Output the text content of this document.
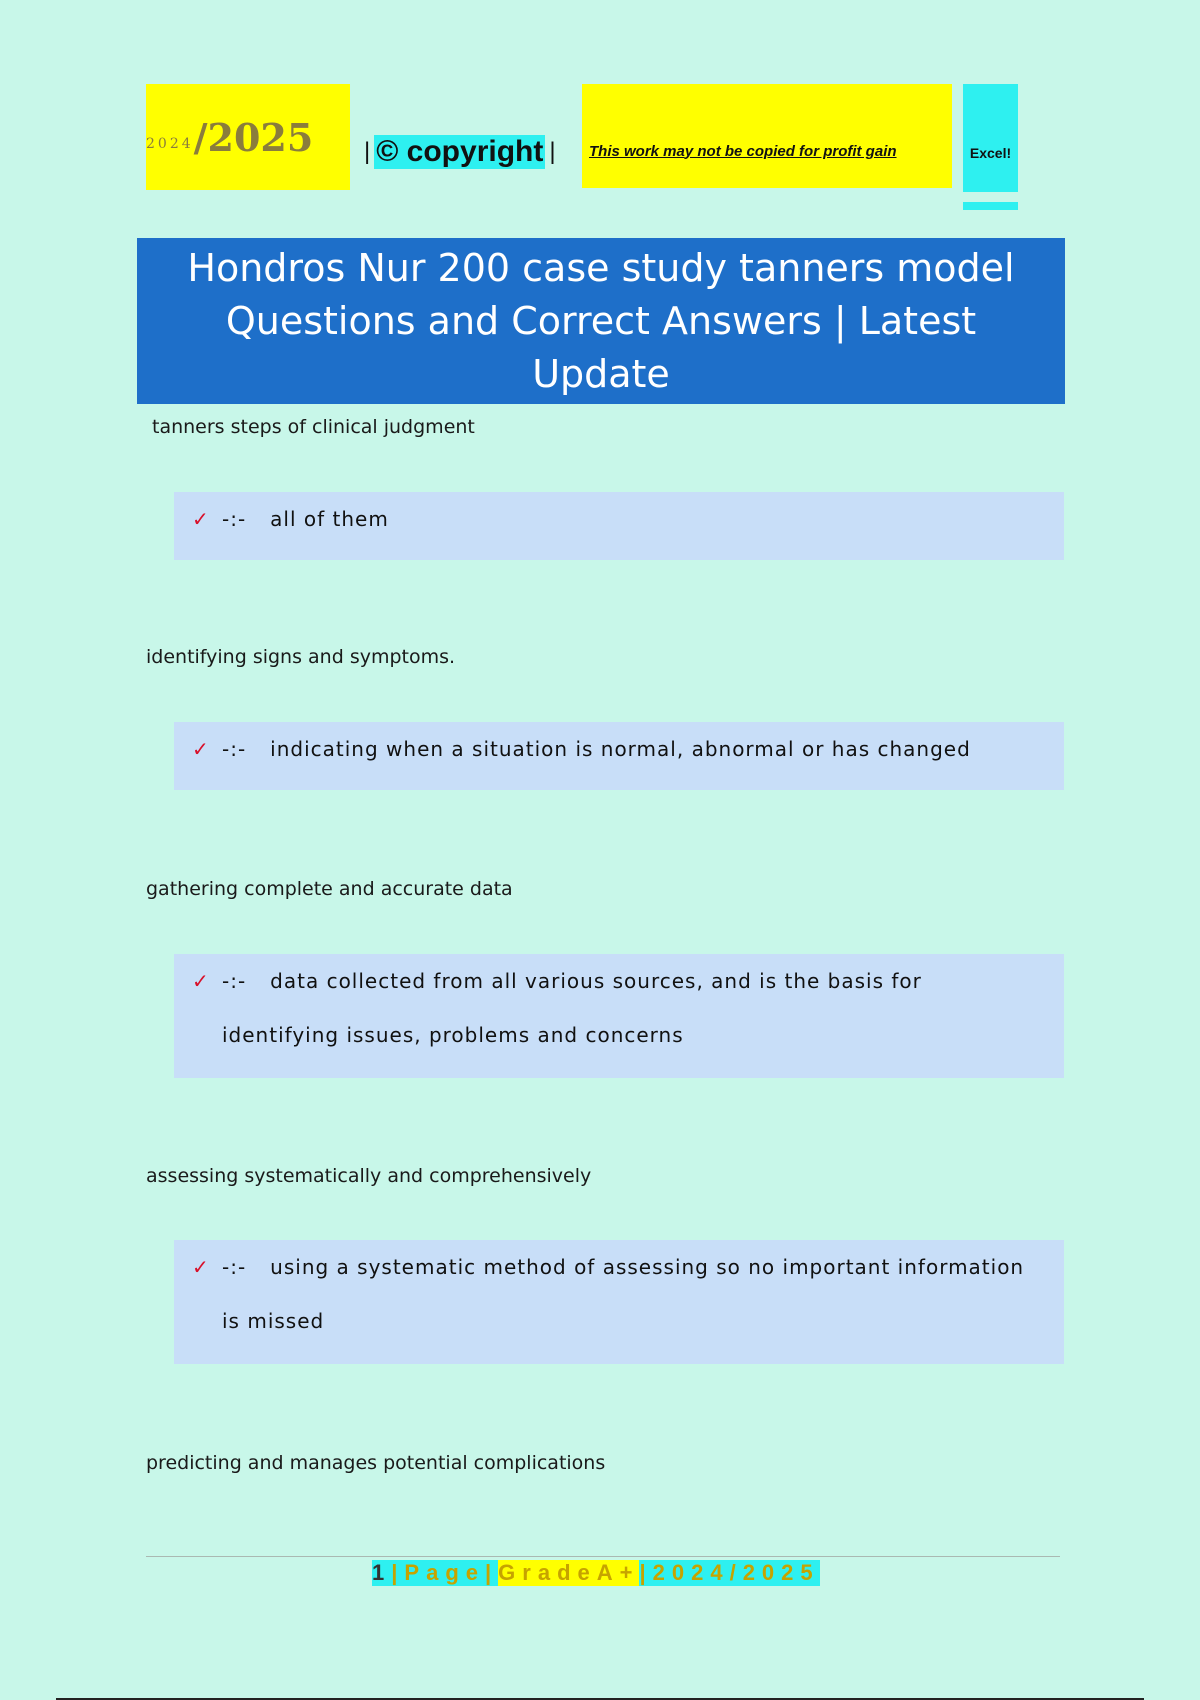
2024 /2025 | © copyright | This work may not be copied for profit gain	Excel!
Hondros Nur 200 case study tanners model Questions and Correct Answers | Latest Update
tanners steps of clinical judgment
✓ -:- all of them
identifying signs and symptoms.
✓ -:- indicating when a situation is normal, abnormal or has changed
gathering complete and accurate data
✓ -:- data collected from all various sources, and is the basis for identifying issues, problems and concerns
assessing systematically and comprehensively
✓ -:- using a systematic method of assessing so no important information is missed
predicting and manages potential complications
1 |Page| GradeA+ |2024/2025
